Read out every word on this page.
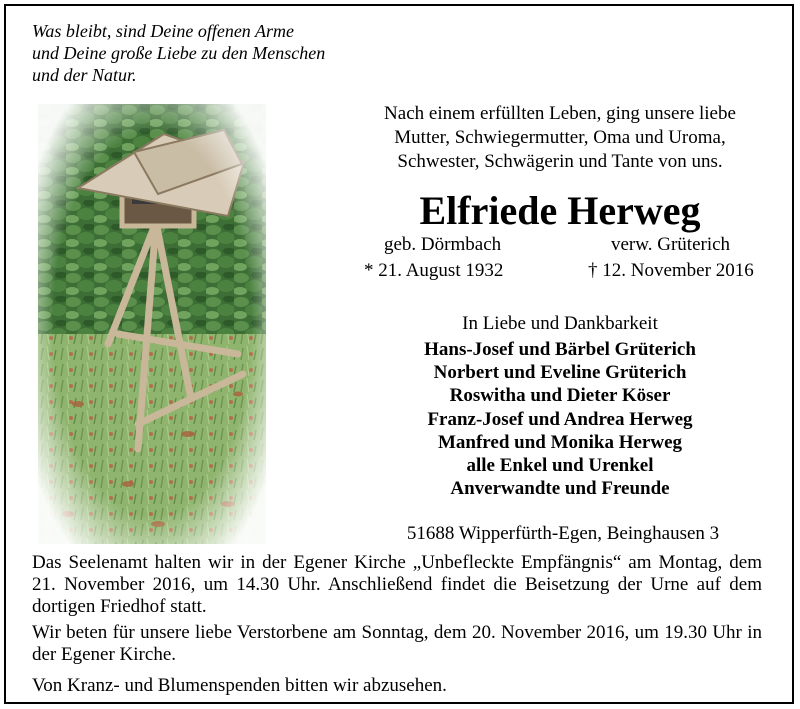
Was bleibt, sind Deine offenen Arme
und Deine große Liebe zu den Menschen
und der Natur.
Nach einem erfüllten Leben, ging unsere liebe
Mutter, Schwiegermutter, Oma und Uroma,
Schwester, Schwägerin und Tante von uns.
Elfriede Herweg
geb. Dörmbach	verw. Grüterich
* 21. August 1932	† 12. November 2016
In Liebe und Dankbarkeit
Hans-Josef und Bärbel Grüterich
Norbert und Eveline Grüterich
Roswitha und Dieter Köser
Franz-Josef und Andrea Herweg
Manfred und Monika Herweg
alle Enkel und Urenkel
Anverwandte und Freunde
51688 Wipperfürth-Egen, Beinghausen 3
Das Seelenamt halten wir in der Egener Kirche „Unbefleckte Empfängnis“ am Montag, dem 21. November 2016, um 14.30 Uhr. Anschließend findet die Beisetzung der Urne auf dem dortigen Friedhof statt.
Wir beten für unsere liebe Verstorbene am Sonntag, dem 20. November 2016, um 19.30 Uhr in der Egener Kirche.
Von Kranz- und Blumenspenden bitten wir abzusehen.
